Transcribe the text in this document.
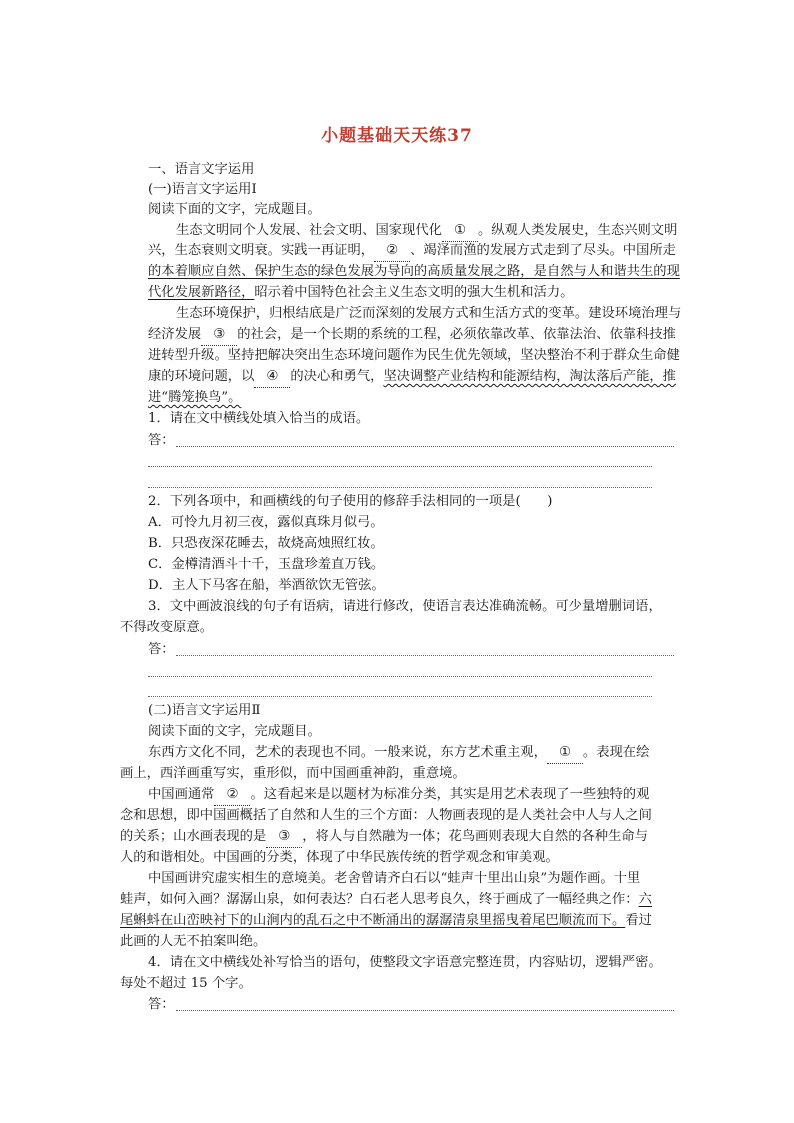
小题基础天天练37
一、语言文字运用
(一)语言文字运用Ⅰ
阅读下面的文字，完成题目。
生态文明同个人发展、社会文明、国家现代化 ① 。纵观人类发展史，生态兴则文明
兴，生态衰则文明衰。实践一再证明， ② 、竭泽而渔的发展方式走到了尽头。中国所走
的本着顺应自然、保护生态的绿色发展为导向的高质量发展之路，是自然与人和谐共生的现
代化发展新路径，昭示着中国特色社会主义生态文明的强大生机和活力。
生态环境保护，归根结底是广泛而深刻的发展方式和生活方式的变革。建设环境治理与
经济发展 ③ 的社会，是一个长期的系统的工程，必须依靠改革、依靠法治、依靠科技推
进转型升级。坚持把解决突出生态环境问题作为民生优先领域，坚决整治不利于群众生命健
康的环境问题，以 ④ 的决心和勇气，坚决调整产业结构和能源结构，淘汰落后产能，推
进“腾笼换鸟”。
1．请在文中横线处填入恰当的成语。
答：
2．下列各项中，和画横线的句子使用的修辞手法相同的一项是(　　)
A．可怜九月初三夜，露似真珠月似弓。
B．只恐夜深花睡去，故烧高烛照红妆。
C．金樽清酒斗十千，玉盘珍羞直万钱。
D．主人下马客在船，举酒欲饮无管弦。
3．文中画波浪线的句子有语病，请进行修改，使语言表达准确流畅。可少量增删词语，
不得改变原意。
答：
(二)语言文字运用Ⅱ
阅读下面的文字，完成题目。
东西方文化不同，艺术的表现也不同。一般来说，东方艺术重主观， ① 。表现在绘
画上，西洋画重写实，重形似，而中国画重神韵，重意境。
中国画通常 ② 。这看起来是以题材为标准分类，其实是用艺术表现了一些独特的观
念和思想，即中国画概括了自然和人生的三个方面：人物画表现的是人类社会中人与人之间
的关系；山水画表现的是 ③ ，将人与自然融为一体；花鸟画则表现大自然的各种生命与
人的和谐相处。中国画的分类，体现了中华民族传统的哲学观念和审美观。
中国画讲究虚实相生的意境美。老舍曾请齐白石以“蛙声十里出山泉”为题作画。十里
蛙声，如何入画？潺潺山泉，如何表达？白石老人思考良久，终于画成了一幅经典之作：六
尾蝌蚪在山峦映衬下的山涧内的乱石之中不断涌出的潺潺清泉里摇曳着尾巴顺流而下。看过
此画的人无不拍案叫绝。
4．请在文中横线处补写恰当的语句，使整段文字语意完整连贯，内容贴切，逻辑严密。
每处不超过 15 个字。
答：
